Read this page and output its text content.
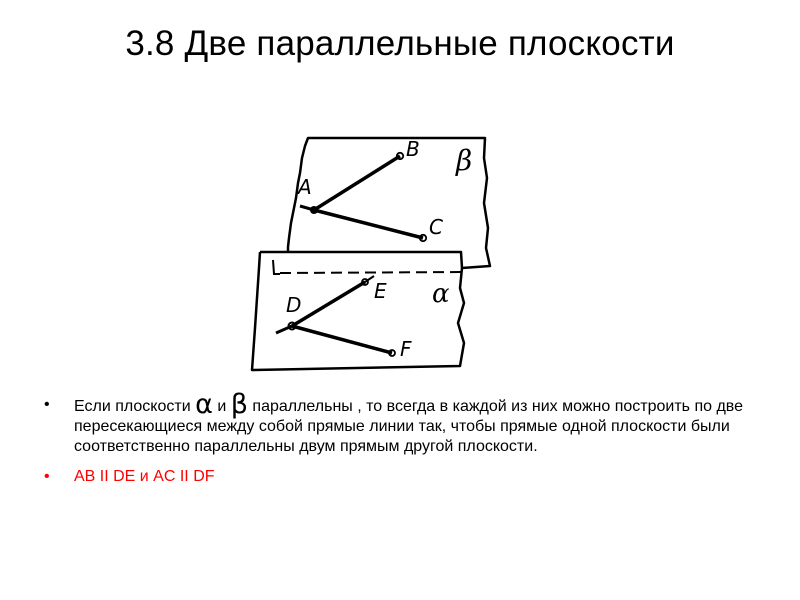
3.8 Две параллельные плоскости
A
B
C
β
D
E
F
α
• Если плоскости α и β параллельны , то всегда в каждой из них можно построить по две пересекающиеся между собой прямые линии так, чтобы прямые одной плоскости были соответственно параллельны двум прямым другой плоскости.
• AB II DE и AC II DF
